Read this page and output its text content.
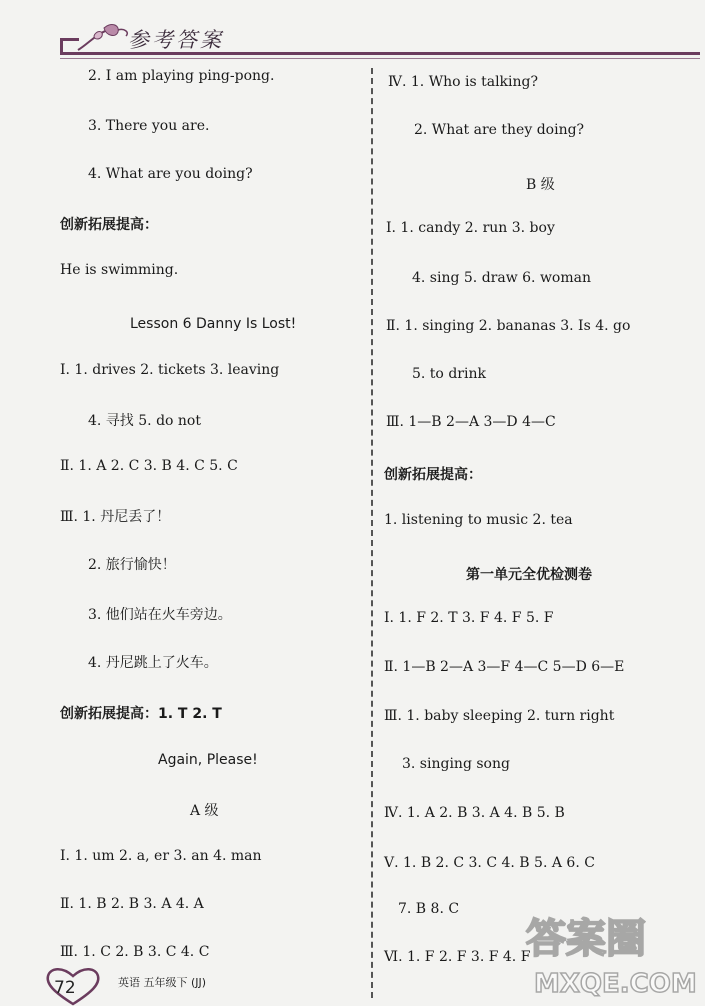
参考答案
2. I am playing ping-pong.
3. There you are.
4. What are you doing?
创新拓展提高：
He is swimming.
Lesson 6 Danny Is Lost!
Ⅰ. 1. drives 2. tickets 3. leaving
4. 寻找 5. do not
Ⅱ. 1. A 2. C 3. B 4. C 5. C
Ⅲ. 1. 丹尼丢了！
2. 旅行愉快！
3. 他们站在火车旁边。
4. 丹尼跳上了火车。
创新拓展提高：1. T 2. T
Again, Please!
A 级
Ⅰ. 1. um 2. a, er 3. an 4. man
Ⅱ. 1. B 2. B 3. A 4. A
Ⅲ. 1. C 2. B 3. C 4. C
Ⅳ. 1. Who is talking?
2. What are they doing?
B 级
Ⅰ. 1. candy 2. run 3. boy
4. sing 5. draw 6. woman
Ⅱ. 1. singing 2. bananas 3. Is 4. go
5. to drink
Ⅲ. 1—B 2—A 3—D 4—C
创新拓展提高：
1. listening to music 2. tea
第一单元全优检测卷
Ⅰ. 1. F 2. T 3. F 4. F 5. F
Ⅱ. 1—B 2—A 3—F 4—C 5—D 6—E
Ⅲ. 1. baby sleeping 2. turn right
3. singing song
Ⅳ. 1. A 2. B 3. A 4. B 5. B
Ⅴ. 1. B 2. C 3. C 4. B 5. A 6. C
7. B 8. C
Ⅵ. 1. F 2. F 3. F 4. F
72	英语 五年级下 (JJ)
答案圈
MXQE.COM
